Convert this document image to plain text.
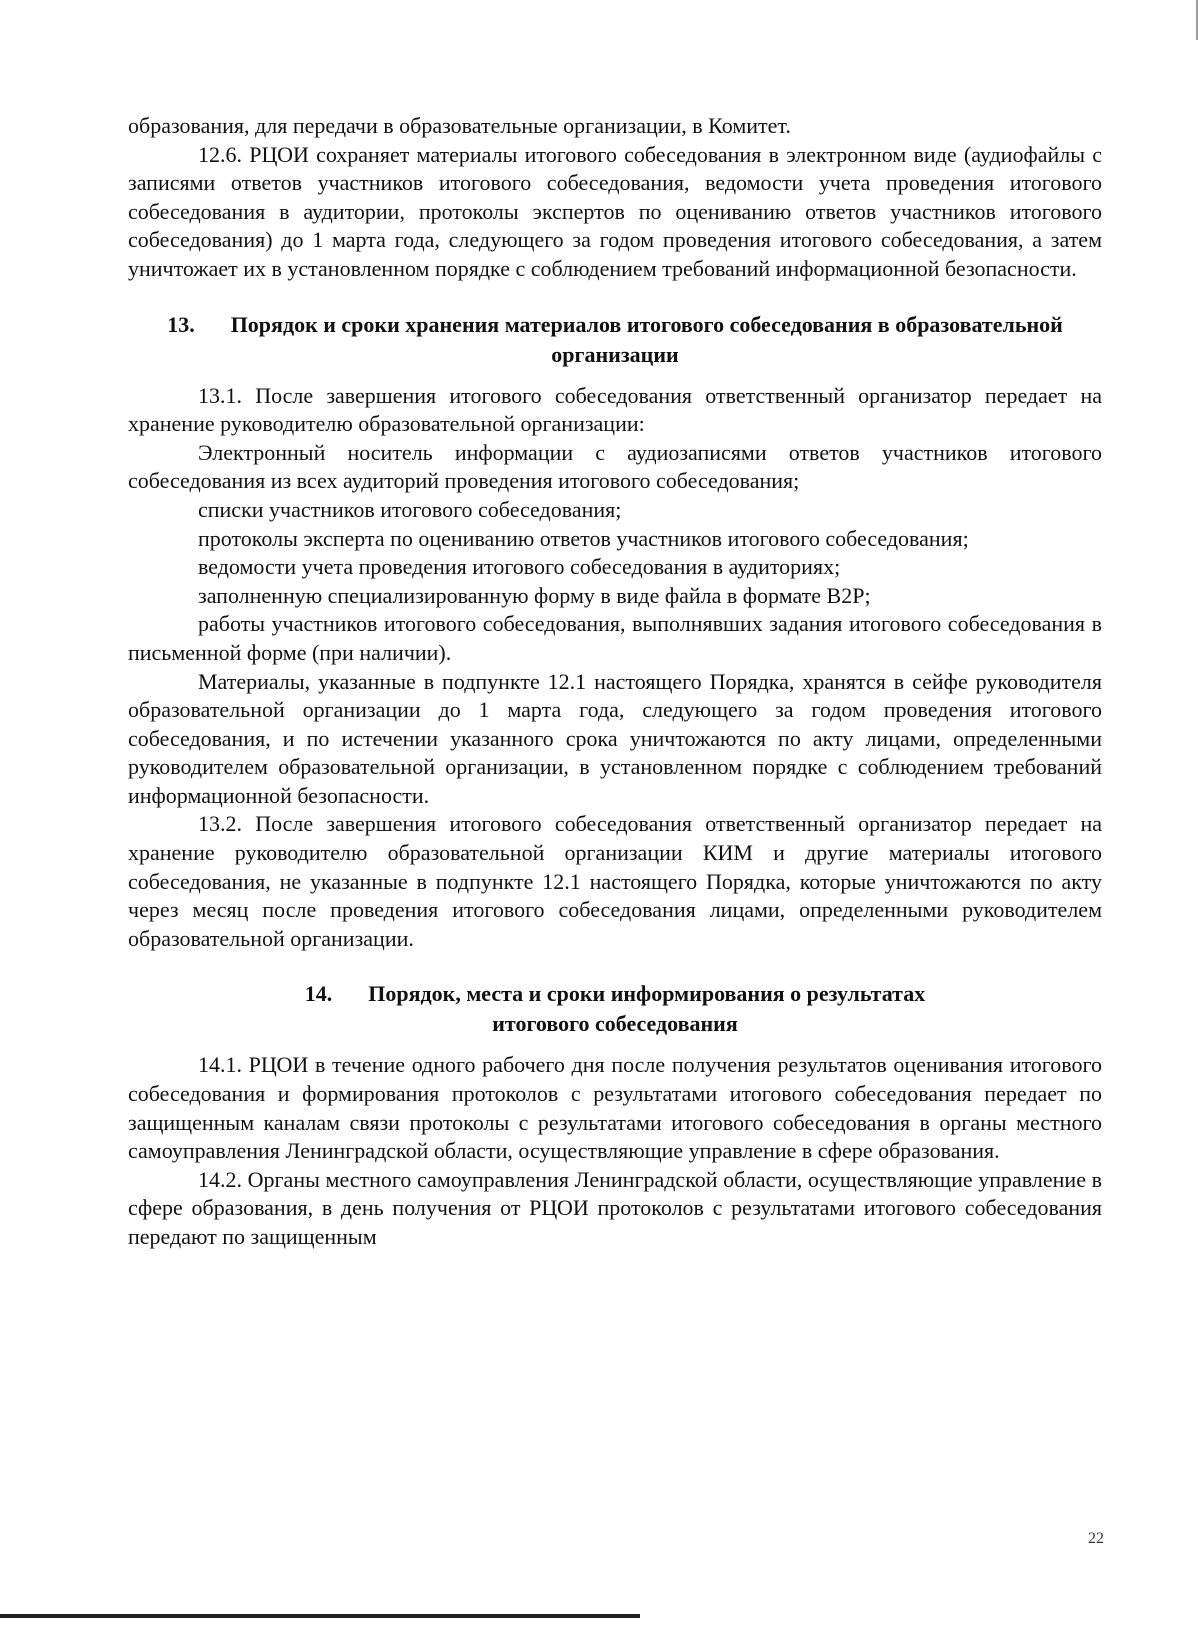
образования, для передачи в образовательные организации, в Комитет.

12.6. РЦОИ сохраняет материалы итогового собеседования в электронном виде (аудиофайлы с записями ответов участников итогового собеседования, ведомости учета проведения итогового собеседования в аудитории, протоколы экспертов по оцениванию ответов участников итогового собеседования) до 1 марта года, следующего за годом проведения итогового собеседования, а затем уничтожает их в установленном порядке с соблюдением требований информационной безопасности.

13. Порядок и сроки хранения материалов итогового собеседования в образовательной организации

13.1. После завершения итогового собеседования ответственный организатор передает на хранение руководителю образовательной организации:

Электронный носитель информации с аудиозаписями ответов участников итогового собеседования из всех аудиторий проведения итогового собеседования;

списки участников итогового собеседования;

протоколы эксперта по оцениванию ответов участников итогового собеседования;

ведомости учета проведения итогового собеседования в аудиториях;

заполненную специализированную форму в виде файла в формате B2P;

работы участников итогового собеседования, выполнявших задания итогового собеседования в письменной форме (при наличии).

Материалы, указанные в подпункте 12.1 настоящего Порядка, хранятся в сейфе руководителя образовательной организации до 1 марта года, следующего за годом проведения итогового собеседования, и по истечении указанного срока уничтожаются по акту лицами, определенными руководителем образовательной организации, в установленном порядке с соблюдением требований информационной безопасности.

13.2. После завершения итогового собеседования ответственный организатор передает на хранение руководителю образовательной организации КИМ и другие материалы итогового собеседования, не указанные в подпункте 12.1 настоящего Порядка, которые уничтожаются по акту через месяц после проведения итогового собеседования лицами, определенными руководителем образовательной организации.

14. Порядок, места и сроки информирования о результатах
итогового собеседования

14.1. РЦОИ в течение одного рабочего дня после получения результатов оценивания итогового собеседования и формирования протоколов с результатами итогового собеседования передает по защищенным каналам связи протоколы с результатами итогового собеседования в органы местного самоуправления Ленинградской области, осуществляющие управление в сфере образования.

14.2. Органы местного самоуправления Ленинградской области, осуществляющие управление в сфере образования, в день получения от РЦОИ протоколов с результатами итогового собеседования передают по защищенным

22
